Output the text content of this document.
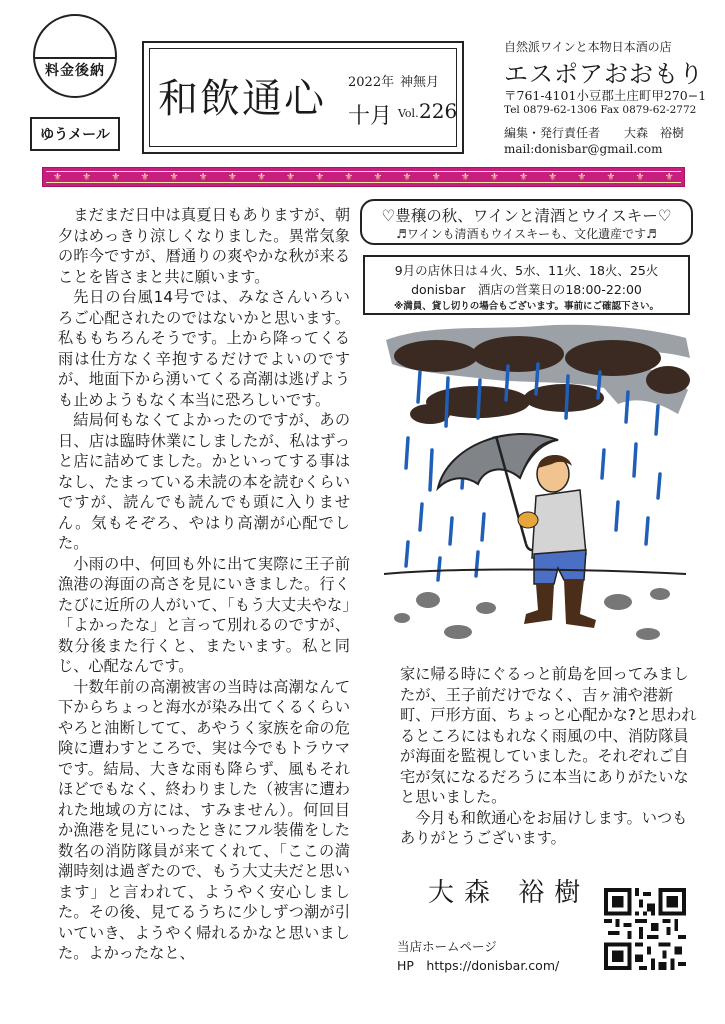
料金後納
ゆうメール
和飲通心 2022年 神無月
十月 Vol. 226
自然派ワインと本物日本酒の店
エスポアおおもり
〒761-4101小豆郡土庄町甲270−1
Tel 0879-62-1306 Fax 0879-62-2772
編集・発行責任者　　大森　裕樹
mail:donisbar@gmail.com
⚜ ⚜ ⚜ ⚜ ⚜ ⚜ ⚜ ⚜ ⚜ ⚜ ⚜ ⚜ ⚜ ⚜ ⚜ ⚜ ⚜ ⚜ ⚜ ⚜ ⚜ ⚜

まだまだ日中は真夏日もありますが、朝夕はめっきり涼しくなりました。異常気象の昨今ですが、暦通りの爽やかな秋が来ることを皆さまと共に願います。

先日の台風14号では、みなさんいろいろご心配されたのではないかと思います。私ももちろんそうです。上から降ってくる雨は仕方なく辛抱するだけでよいのですが、地面下から湧いてくる高潮は逃げようも止めようもなく本当に恐ろしいです。

結局何もなくてよかったのですが、あの日、店は臨時休業にしましたが、私はずっと店に詰めてました。かといってする事はなし、たまっている未読の本を読むくらいですが、読んでも読んでも頭に入りません。気もそぞろ、やはり高潮が心配でした。

小雨の中、何回も外に出て実際に王子前漁港の海面の高さを見にいきました。行くたびに近所の人がいて、「もう大丈夫やな」「よかったな」と言って別れるのですが、数分後また行くと、またいます。私と同じ、心配なんです。

十数年前の高潮被害の当時は高潮なんて下からちょっと海水が染み出てくるくらいやろと油断してて、あやうく家族を命の危険に遭わすところで、実は今でもトラウマです。結局、大きな雨も降らず、風もそれほどでもなく、終わりました（被害に遭われた地域の方には、すみません）。何回目か漁港を見にいったときにフル装備をした数名の消防隊員が来てくれて、「ここの満潮時刻は過ぎたので、もう大丈夫だと思います」と言われて、ようやく安心しました。その後、見てるうちに少しずつ潮が引いていき、ようやく帰れるかなと思いました。よかったなと、

♡豊穣の秋、ワインと清酒とウイスキー♡
♬ワインも清酒もウイスキーも、文化遺産です♬
9月の店休日は４火、5水、11火、18火、25火
donisbar　酒店の営業日の18:00-22:00
※満員、貸し切りの場合もございます。事前にご確認下さい。

家に帰る時にぐるっと前島を回ってみましたが、王子前だけでなく、吉ヶ浦や港新町、戸形方面、ちょっと心配かな?と思われるところにはもれなく雨風の中、消防隊員が海面を監視していました。それぞれご自宅が気になるだろうに本当にありがたいなと思いました。

今月も和飲通心をお届けします。いつもありがとうございます。

大森 裕樹
当店ホームページ
HP　https://donisbar.com/
